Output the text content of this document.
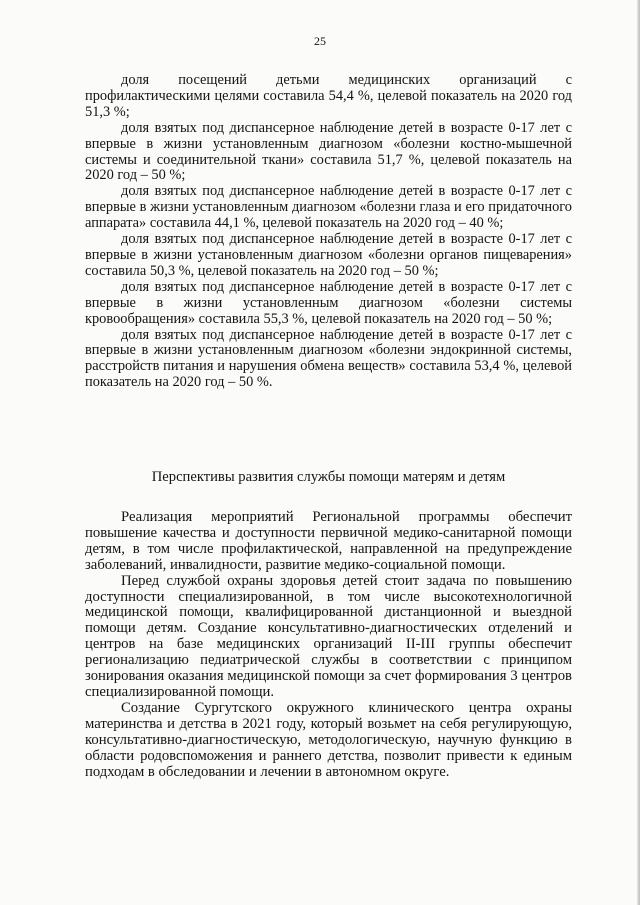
25

доля посещений детьми медицинских организаций с профилактическими целями составила 54,4 %, целевой показатель на 2020 год 51,3 %;

доля взятых под диспансерное наблюдение детей в возрасте 0-17 лет с впервые в жизни установленным диагнозом «болезни костно-мышечной системы и соединительной ткани» составила 51,7 %, целевой показатель на 2020 год – 50 %;

доля взятых под диспансерное наблюдение детей в возрасте 0-17 лет с впервые в жизни установленным диагнозом «болезни глаза и его придаточного аппарата» составила 44,1 %, целевой показатель на 2020 год – 40 %;

доля взятых под диспансерное наблюдение детей в возрасте 0-17 лет с впервые в жизни установленным диагнозом «болезни органов пищеварения» составила 50,3 %, целевой показатель на 2020 год – 50 %;

доля взятых под диспансерное наблюдение детей в возрасте 0-17 лет с впервые в жизни установленным диагнозом «болезни системы кровообращения» составила 55,3 %, целевой показатель на 2020 год – 50 %;

доля взятых под диспансерное наблюдение детей в возрасте 0-17 лет с впервые в жизни установленным диагнозом «болезни эндокринной системы, расстройств питания и нарушения обмена веществ» составила 53,4 %, целевой показатель на 2020 год – 50 %.

Перспективы развития службы помощи матерям и детям

Реализация мероприятий Региональной программы обеспечит повышение качества и доступности первичной медико-санитарной помощи детям, в том числе профилактической, направленной на предупреждение заболеваний, инвалидности, развитие медико-социальной помощи.

Перед службой охраны здоровья детей стоит задача по повышению доступности специализированной, в том числе высокотехнологичной медицинской помощи, квалифицированной дистанционной и выездной помощи детям. Создание консультативно-диагностических отделений и центров на базе медицинских организаций II-III группы обеспечит регионализацию педиатрической службы в соответствии с принципом зонирования оказания медицинской помощи за счет формирования 3 центров специализированной помощи.

Создание Сургутского окружного клинического центра охраны материнства и детства в 2021 году, который возьмет на себя регулирующую, консультативно-диагностическую, методологическую, научную функцию в области родовспоможения и раннего детства, позволит привести к единым подходам в обследовании и лечении в автономном округе.
